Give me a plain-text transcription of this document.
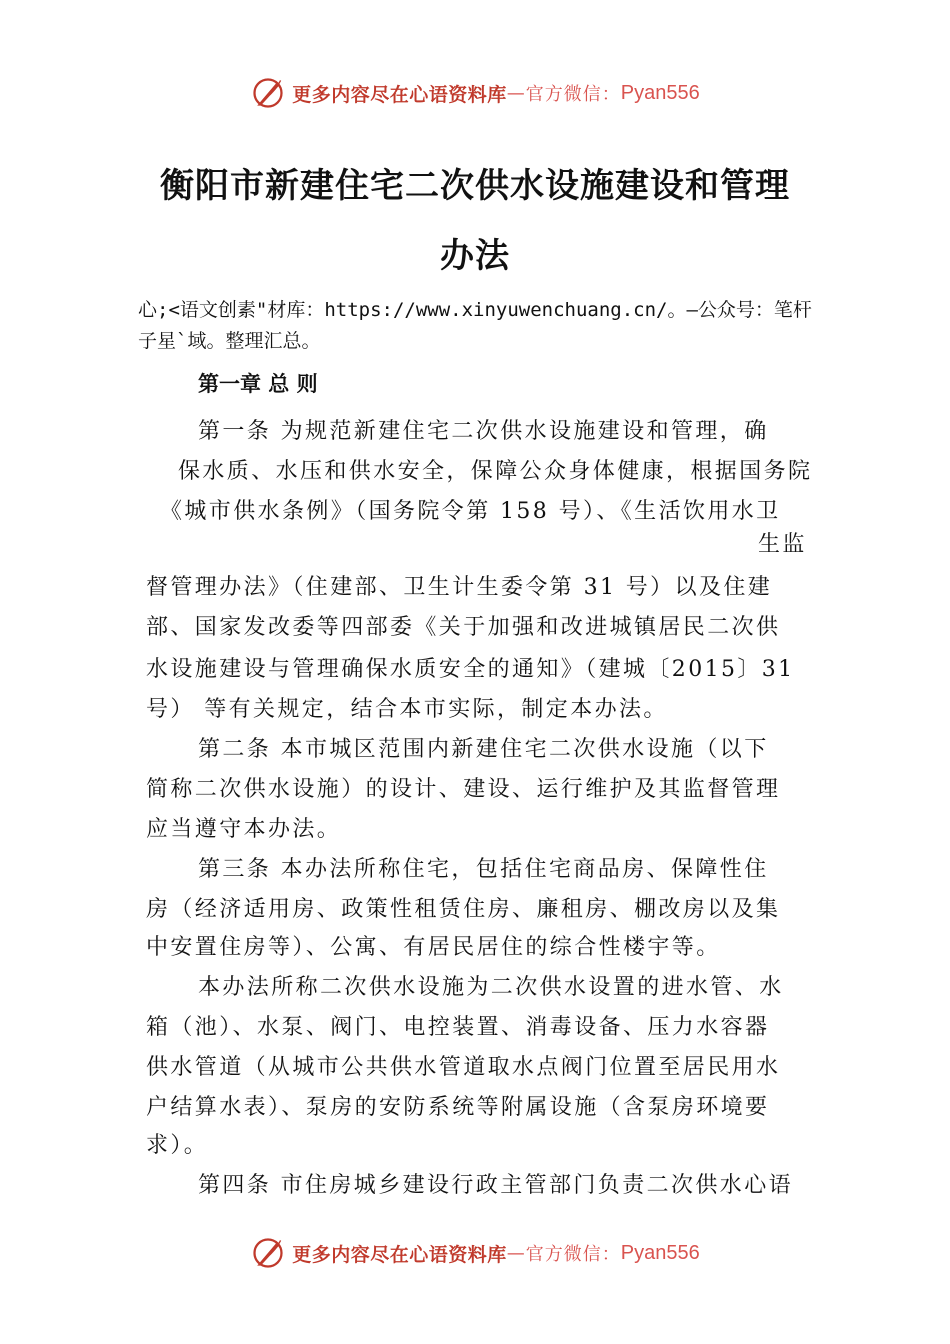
更多内容尽在心语资料库 — 官方微信： Pyan556
衡阳市新建住宅二次供水设施建设和管理
办法
心;<语文创素"材库：https://www.xinyuwenchuang.cn/。—公众号：笔杆子星`域。整理汇总。
第一章 总 则
第一条 为规范新建住宅二次供水设施建设和管理，确
保水质、水压和供水安全，保障公众身体健康，根据国务院
《城市供水条例》（国务院令第 158 号）、《生活饮用水卫
生监
督管理办法》（住建部、卫生计生委令第 31 号）以及住建
部、国家发改委等四部委《关于加强和改进城镇居民二次供
水设施建设与管理确保水质安全的通知》（建城〔2015〕31
号） 等有关规定，结合本市实际，制定本办法。
第二条 本市城区范围内新建住宅二次供水设施（以下
简称二次供水设施）的设计、建设、运行维护及其监督管理
应当遵守本办法。
第三条 本办法所称住宅，包括住宅商品房、保障性住
房（经济适用房、政策性租赁住房、廉租房、棚改房以及集
中安置住房等）、公寓、有居民居住的综合性楼宇等。
本办法所称二次供水设施为二次供水设置的进水管、水
箱（池）、水泵、阀门、电控装置、消毒设备、压力水容器
供水管道（从城市公共供水管道取水点阀门位置至居民用水
户结算水表）、泵房的安防系统等附属设施（含泵房环境要
求）。
第四条 市住房城乡建设行政主管部门负责二次供水心语
更多内容尽在心语资料库 — 官方微信： Pyan556
